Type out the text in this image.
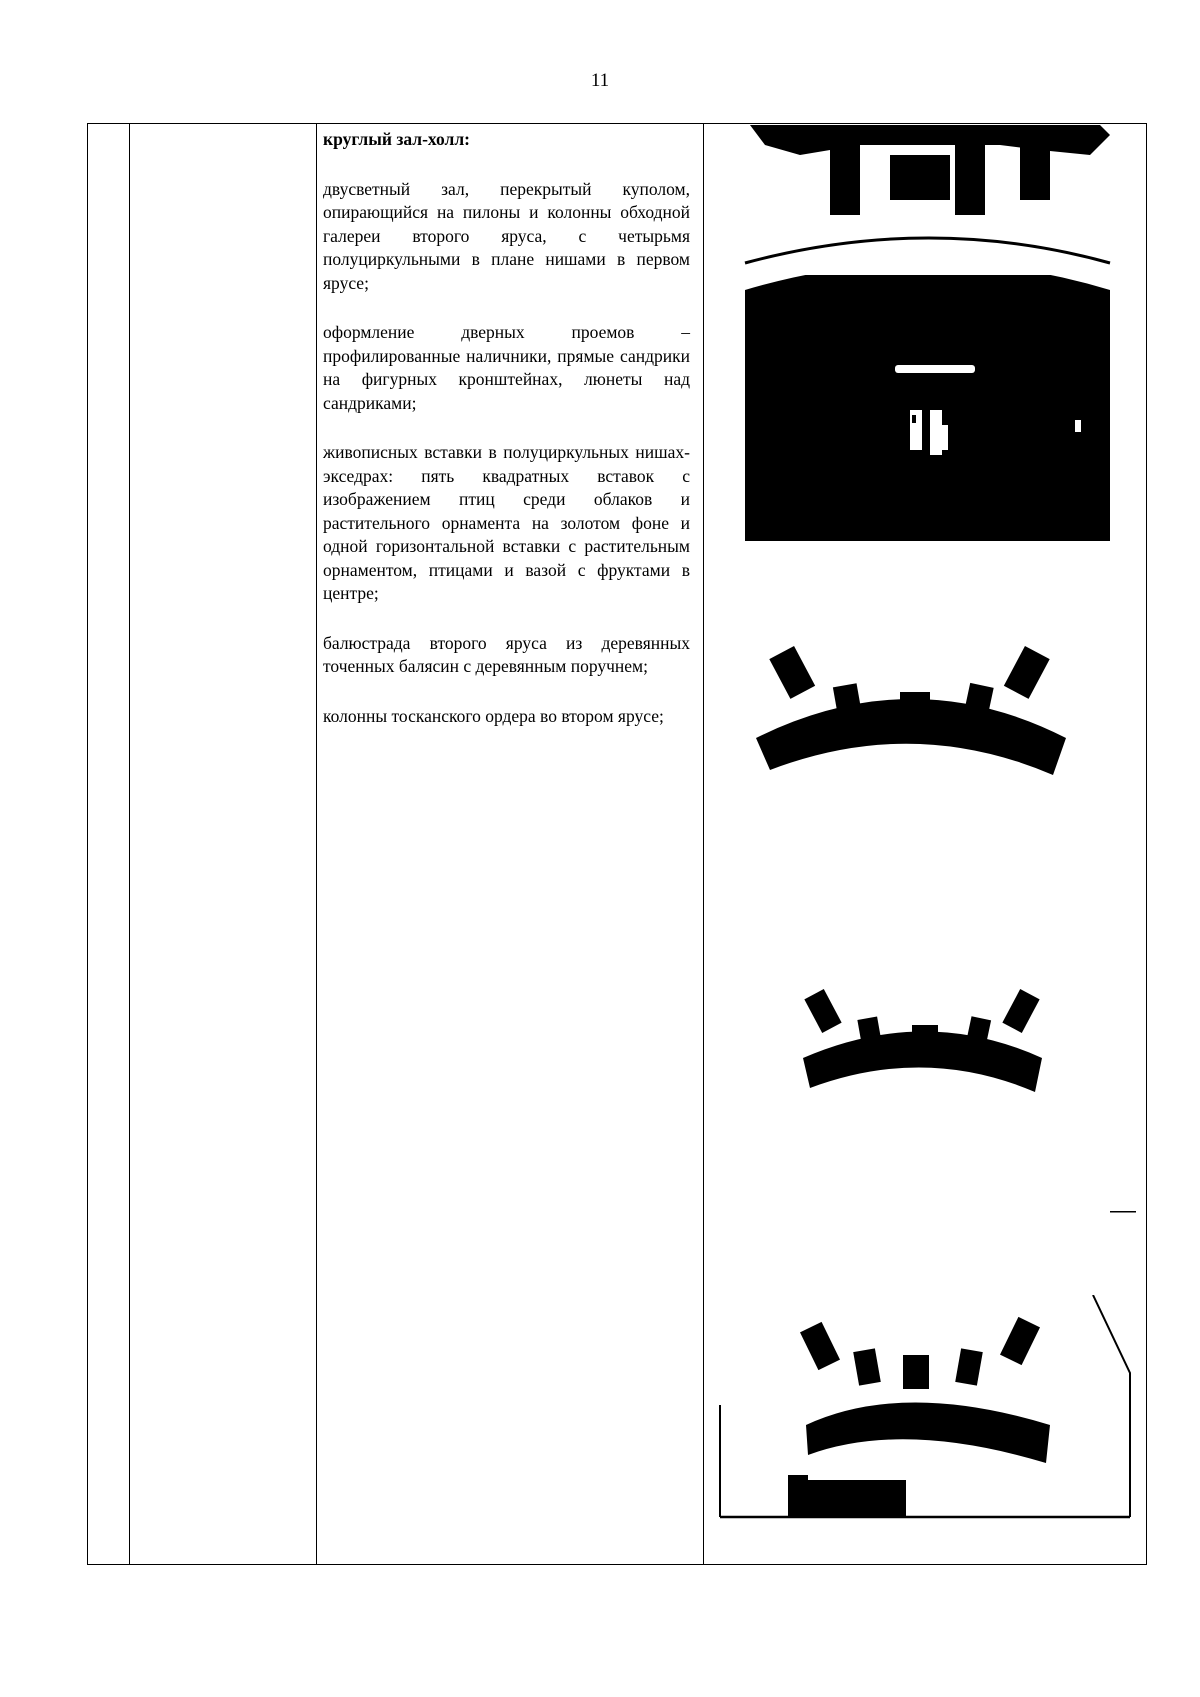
11
круглый зал-холл:

двусветный зал, перекрытый куполом, опирающийся на пилоны и колонны обходной галереи второго яруса, с четырьмя полуциркульными в плане нишами в первом ярусе;

оформление дверных проемов – профилированные наличники, прямые сандрики на фигурных кронштейнах, люнеты над сандриками;

живописных вставки в полуциркульных нишах-экседрах: пять квадратных вставок с изображением птиц среди облаков и растительного орнамента на золотом фоне и одной горизонтальной вставки с растительным орнаментом, птицами и вазой с фруктами в центре;

балюстрада второго яруса из деревянных точенных балясин с деревянным поручнем;

колонны тосканского ордера во втором ярусе;
